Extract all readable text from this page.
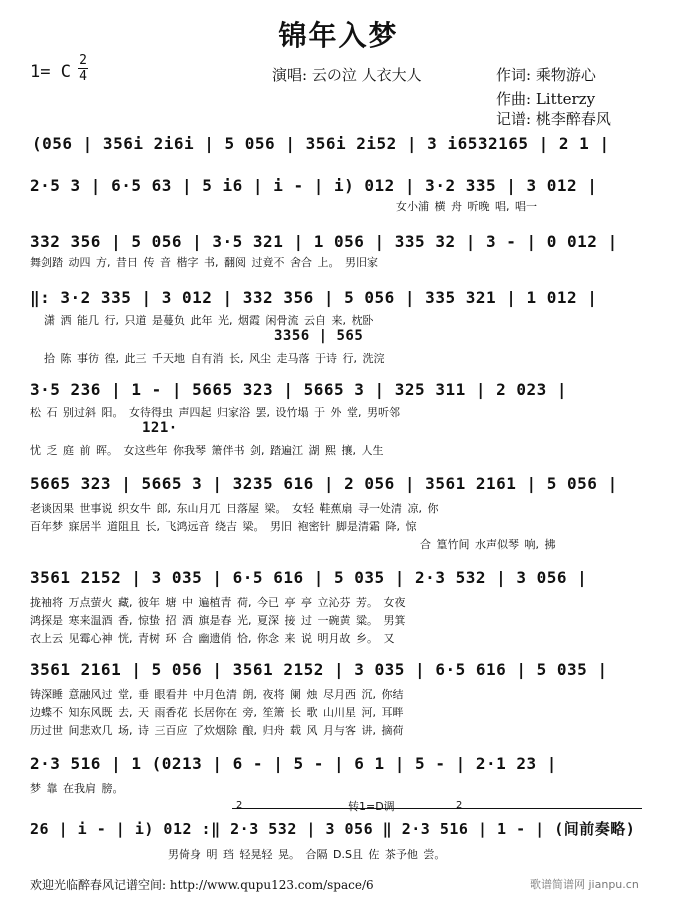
锦年入梦
1= C
2
4	演唱: 云の泣 人衣大人	作词: 乘物游心
作曲: Litterzy
记谱: 桃李醉春风
(056 | 356i 2i6i | 5 056 | 356i 2i52 | 3 i6532165 | 2 1 |
2·5 3 | 6·5 63 | 5 i6 | i - | i) 012 | 3·2 335 | 3 012 |
女小浦 横 舟 听晚 唱, 唱一
332 356 | 5 056 | 3·5 321 | 1 056 | 335 32 | 3 - | 0 012 |
舞剑踏 动四 方, 昔日 传 音 楷字 书, 翻阅 过竟不 舍合 上。 男旧家
‖: 3·2 335 | 3 012 | 332 356 | 5 056 | 335 321 | 1 012 |
潇 洒 能几 行, 只道 是蔓负 此年 光, 烟霞 闲骨流 云自 来, 枕卧
3356 | 565
拾 陈 事彷 徨, 此三 千天地 自有消 长, 风尘 走马落 于诗 行, 洗浣
3·5 236 | 1 - | 5665 323 | 5665 3 | 325 311 | 2 023 |
松 石 别过斜 阳。 女待得虫 声四起 归家浴 罢, 设竹塌 于 外 堂, 男听邻
121·
忧 乏 庭 前 晖。 女这些年 你我琴 箫伴书 剑, 踏遍江 湖 熙 攘, 人生
5665 323 | 5665 3 | 3235 616 | 2 056 | 3561 2161 | 5 056 |
老谈因果 世事说 织女牛 郎, 东山月兀 日落屋 梁。 女轻 鞋蕉扇 寻一处清 凉, 你
百年梦 寐居半 道阻且 长, 飞鸿远音 绕吉 梁。 男旧 袍密针 脚是清霜 降, 惊
合 篁竹间 水声似琴 响, 拂
3561 2152 | 3 035 | 6·5 616 | 5 035 | 2·3 532 | 3 056 |
拢袖将 万点萤火 藏, 彼年 塘 中 遍植青 荷, 今已 亭 亭 立沁芬 芳。 女夜
鸿探是 寒来温酒 香, 惊蛰 招 酒 旗是春 光, 夏深 接 过 一碗黄 粱。 男箕
衣上云 见霉心神 恍, 青树 环 合 幽遗俏 恰, 你念 来 说 明月故 乡。 又
3561 2161 | 5 056 | 3561 2152 | 3 035 | 6·5 616 | 5 035 |
铸深睡 意融风过 堂, 垂 眼看井 中月色清 朗, 夜将 阑 烛 尽月西 沉, 你结
边蝶不 知东风既 去, 天 雨香花 长居你在 旁, 笙箫 长 歌 山川星 河, 耳畔
历过世 间悲欢几 场, 诗 三百应 了炊烟除 酿, 归舟 载 风 月与客 讲, 摘荷
2·3 516 | 1 (0213 | 6 - | 5 - | 6 1 | 5 - | 2·1 23 |
梦 靠 在我肩 膀。
2	2
转1=D调
26 | i - | i) 012 :‖ 2·3 532 | 3 056 ‖ 2·3 516 | 1 - | (间前奏略)
男倚身 明 珰 轻晃轻 晃。 合隔 D.S且 佐 茶予他 尝。
欢迎光临醉春风记谱空间: http://www.qupu123.com/space/6	歌谱简谱网 jianpu.cn
